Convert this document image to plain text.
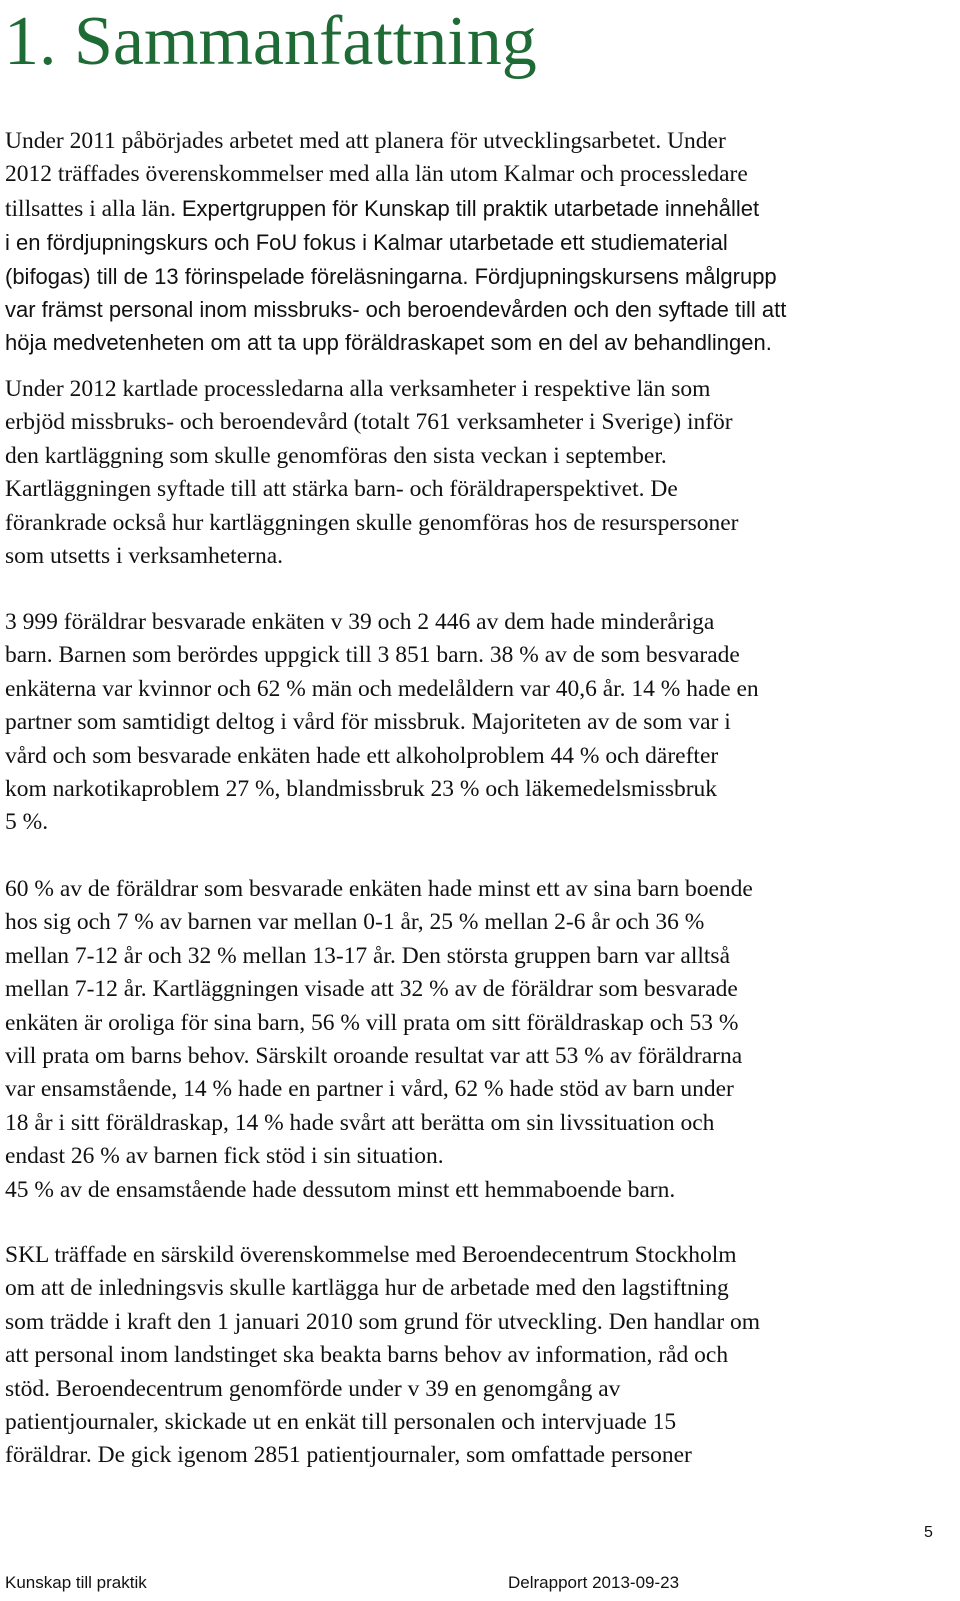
1. Sammanfattning

Under 2011 påbörjades arbetet med att planera för utvecklingsarbetet. Under
2012 träffades överenskommelser med alla län utom Kalmar och processledare
tillsattes i alla län. Expertgruppen för Kunskap till praktik utarbetade innehållet
i en fördjupningskurs och FoU fokus i Kalmar utarbetade ett studiematerial
(bifogas) till de 13 förinspelade föreläsningarna. Fördjupningskursens målgrupp
var främst personal inom missbruks- och beroendevården och den syftade till att
höja medvetenheten om att ta upp föräldraskapet som en del av behandlingen.

Under 2012 kartlade processledarna alla verksamheter i respektive län som
erbjöd missbruks- och beroendevård (totalt 761 verksamheter i Sverige) inför
den kartläggning som skulle genomföras den sista veckan i september.
Kartläggningen syftade till att stärka barn- och föräldraperspektivet. De
förankrade också hur kartläggningen skulle genomföras hos de resurspersoner
som utsetts i verksamheterna.

3 999 föräldrar besvarade enkäten v 39 och 2 446 av dem hade minderåriga
barn. Barnen som berördes uppgick till 3 851 barn. 38 % av de som besvarade
enkäterna var kvinnor och 62 % män och medelåldern var 40,6 år. 14 % hade en
partner som samtidigt deltog i vård för missbruk. Majoriteten av de som var i
vård och som besvarade enkäten hade ett alkoholproblem 44 % och därefter
kom narkotikaproblem 27 %, blandmissbruk 23 % och läkemedelsmissbruk
5 %.

60 % av de föräldrar som besvarade enkäten hade minst ett av sina barn boende
hos sig och 7 % av barnen var mellan 0-1 år, 25 % mellan 2-6 år och 36 %
mellan 7-12 år och 32 % mellan 13-17 år. Den största gruppen barn var alltså
mellan 7-12 år. Kartläggningen visade att 32 % av de föräldrar som besvarade
enkäten är oroliga för sina barn, 56 % vill prata om sitt föräldraskap och 53 %
vill prata om barns behov. Särskilt oroande resultat var att 53 % av föräldrarna
var ensamstående, 14 % hade en partner i vård, 62 % hade stöd av barn under
18 år i sitt föräldraskap, 14 % hade svårt att berätta om sin livssituation och
endast 26 % av barnen fick stöd i sin situation.
45 % av de ensamstående hade dessutom minst ett hemmaboende barn.

SKL träffade en särskild överenskommelse med Beroendecentrum Stockholm
om att de inledningsvis skulle kartlägga hur de arbetade med den lagstiftning
som trädde i kraft den 1 januari 2010 som grund för utveckling. Den handlar om
att personal inom landstinget ska beakta barns behov av information, råd och
stöd. Beroendecentrum genomförde under v 39 en genomgång av
patientjournaler, skickade ut en enkät till personalen och intervjuade 15
föräldrar. De gick igenom 2851 patientjournaler, som omfattade personer

5
Kunskap till praktik	Delrapport 2013-09-23
